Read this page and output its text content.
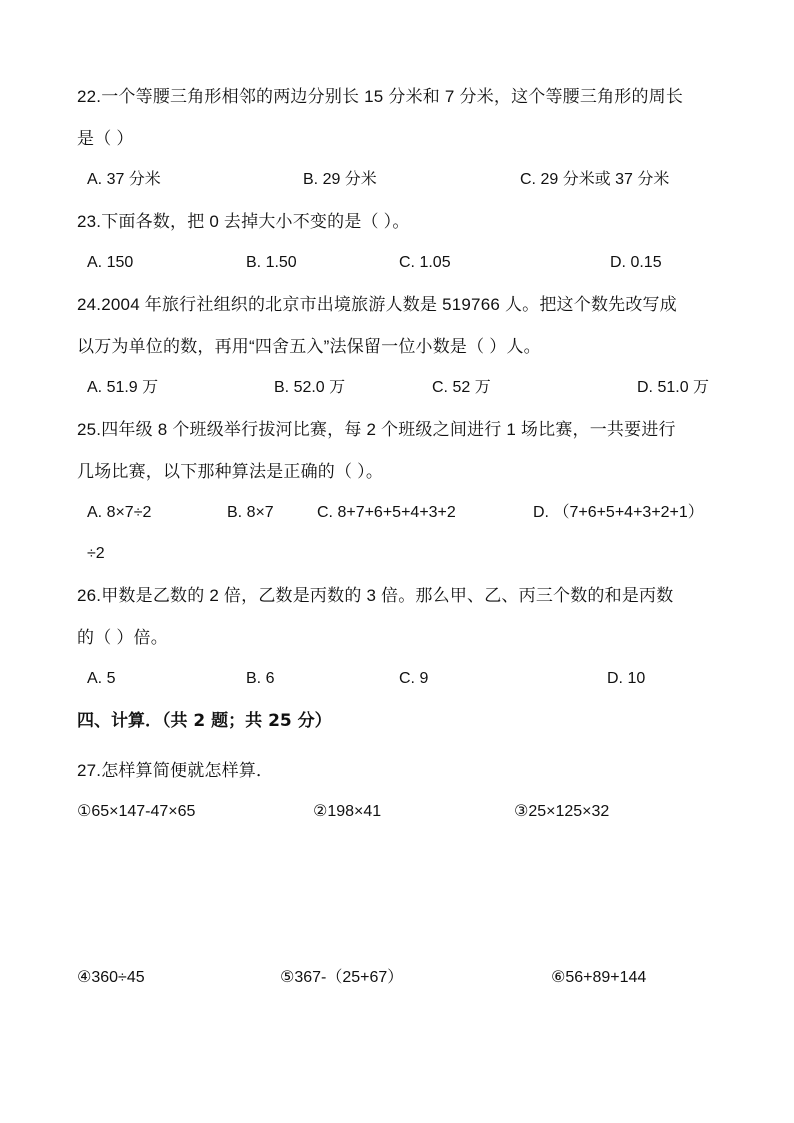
22.一个等腰三角形相邻的两边分别长 15 分米和 7 分米，这个等腰三角形的周长
是（ ）
A. 37 分米	B. 29 分米	C. 29 分米或 37 分米
23.下面各数，把 0 去掉大小不变的是（ ）。
A. 150	B. 1.50	C. 1.05	D. 0.15
24.2004 年旅行社组织的北京市出境旅游人数是 519766 人。把这个数先改写成
以万为单位的数，再用“四舍五入”法保留一位小数是（ ）人。
A. 51.9 万	B. 52.0 万	C. 52 万	D. 51.0 万
25.四年级 8 个班级举行拔河比赛，每 2 个班级之间进行 1 场比赛，一共要进行
几场比赛，以下那种算法是正确的（ ）。
A. 8×7÷2	B. 8×7	C. 8+7+6+5+4+3+2	D. （7+6+5+4+3+2+1）
÷2
26.甲数是乙数的 2 倍，乙数是丙数的 3 倍。那么甲、乙、丙三个数的和是丙数
的（ ）倍。
A. 5	B. 6	C. 9	D. 10
四、计算．（共 2 题；共 25 分）
27.怎样算简便就怎样算．
①65×147-47×65	②198×41	③25×125×32
④360÷45	⑤367-（25+67）	⑥56+89+144
